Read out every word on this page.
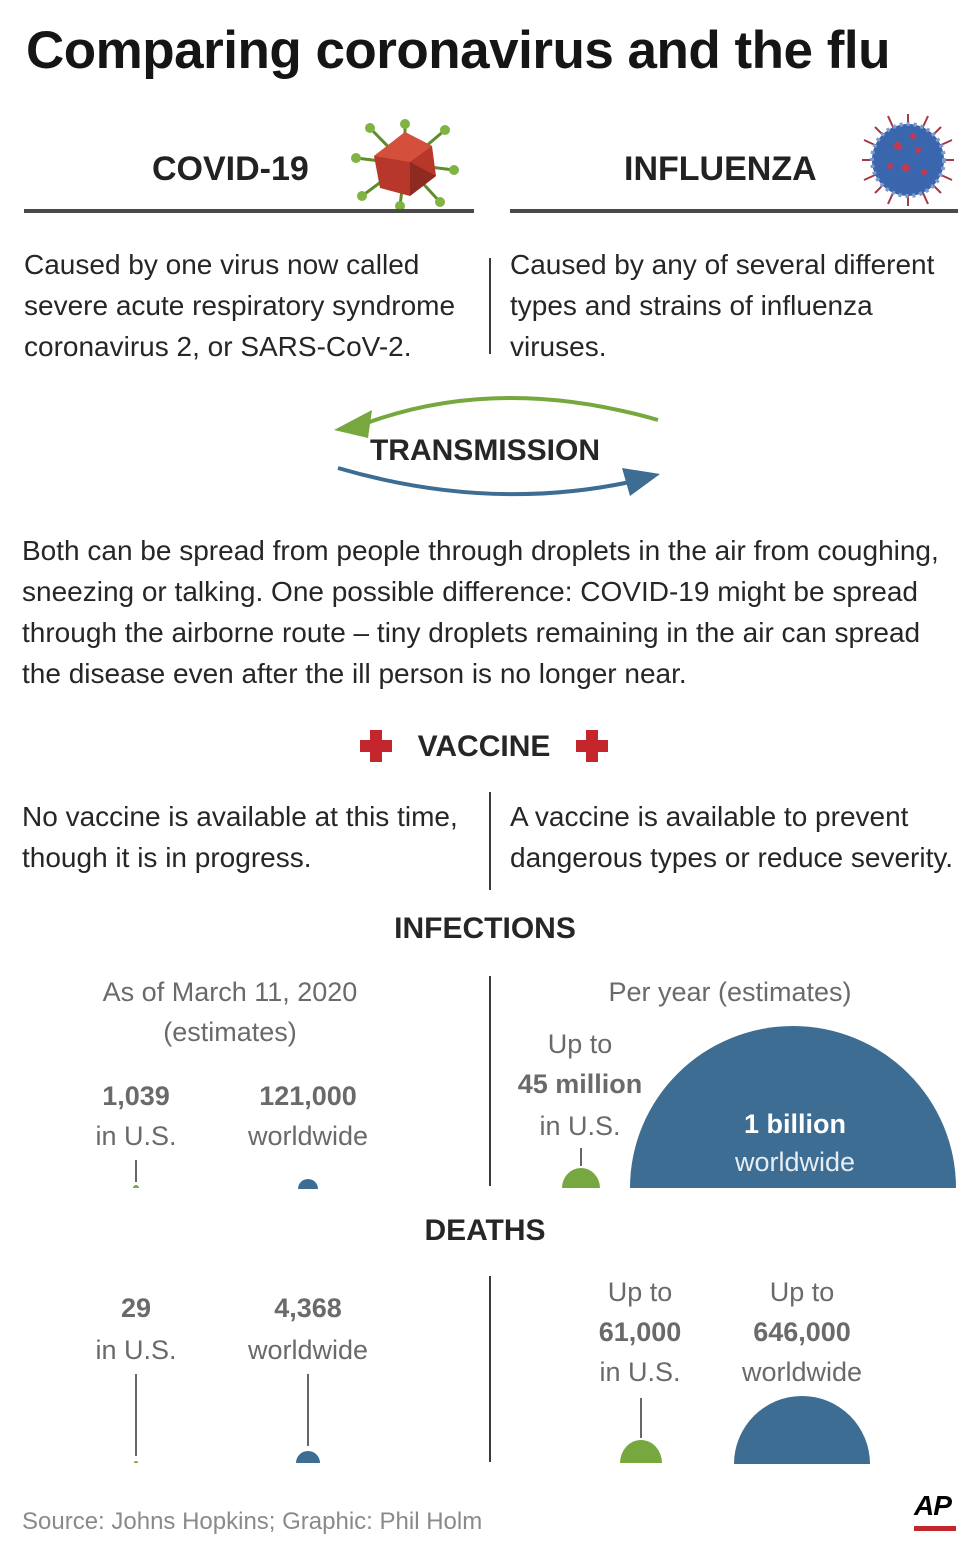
Comparing coronavirus and the flu
COVID-19	INFLUENZA
Caused by one virus now called severe acute respiratory syndrome coronavirus 2, or SARS-CoV-2.
Caused by any of several different types and strains of influenza viruses.
TRANSMISSION
Both can be spread from people through droplets in the air from coughing, sneezing or talking. One possible difference: COVID-19 might be spread through the airborne route – tiny droplets remaining in the air can spread the disease even after the ill person is no longer near.
VACCINE
No vaccine is available at this time, though it is in progress.
A vaccine is available to prevent dangerous types or reduce severity.
INFECTIONS
As of March 11, 2020
(estimates)
Per year (estimates)
1,039
in U.S.
121,000
worldwide
Up to
45 million
in U.S.	1 billion
worldwide
DEATHS
29
in U.S.
4,368
worldwide
Up to
61,000
in U.S.
Up to
646,000
worldwide
Source: Johns Hopkins; Graphic: Phil Holm
AP
